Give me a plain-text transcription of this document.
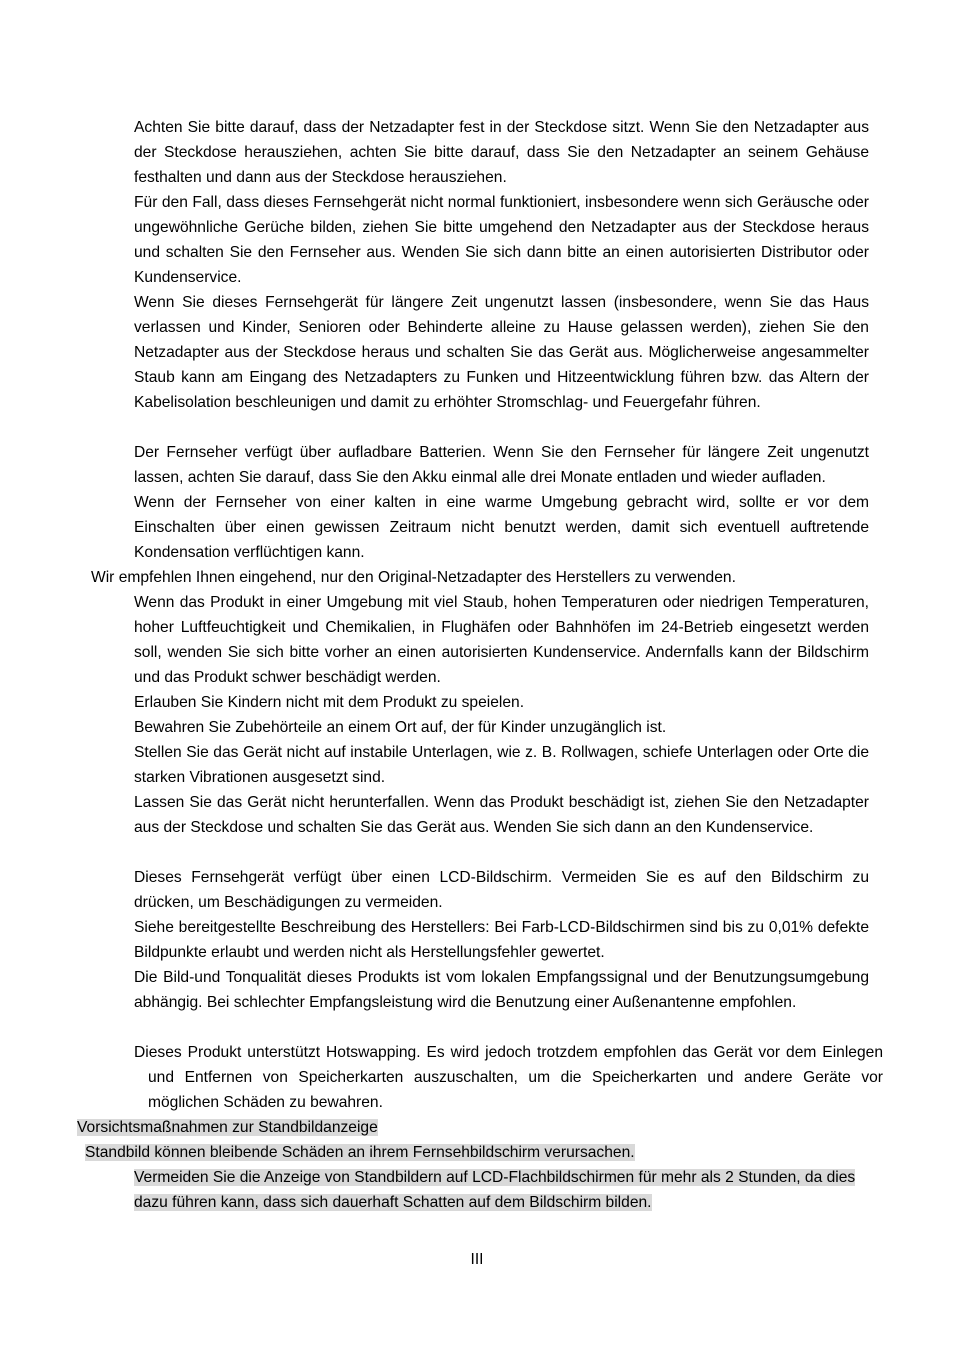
Achten Sie bitte darauf, dass der Netzadapter fest in der Steckdose sitzt. Wenn Sie den Netzadapter aus der Steckdose herausziehen, achten Sie bitte darauf, dass Sie den Netzadapter an seinem Gehäuse festhalten und dann aus der Steckdose herausziehen.

Für den Fall, dass dieses Fernsehgerät nicht normal funktioniert, insbesondere wenn sich Geräusche oder ungewöhnliche Gerüche bilden, ziehen Sie bitte umgehend den Netzadapter aus der Steckdose heraus und schalten Sie den Fernseher aus. Wenden Sie sich dann bitte an einen autorisierten Distributor oder Kundenservice.

Wenn Sie dieses Fernsehgerät für längere Zeit ungenutzt lassen (insbesondere, wenn Sie das Haus verlassen und Kinder, Senioren oder Behinderte alleine zu Hause gelassen werden), ziehen Sie den Netzadapter aus der Steckdose heraus und schalten Sie das Gerät aus. Möglicherweise angesammelter Staub kann am Eingang des Netzadapters zu Funken und Hitzeentwicklung führen bzw. das Altern der Kabelisolation beschleunigen und damit zu erhöhter Stromschlag- und Feuergefahr führen.

Der Fernseher verfügt über aufladbare Batterien. Wenn Sie den Fernseher für längere Zeit ungenutzt lassen, achten Sie darauf, dass Sie den Akku einmal alle drei Monate entladen und wieder aufladen.

Wenn der Fernseher von einer kalten in eine warme Umgebung gebracht wird, sollte er vor dem Einschalten über einen gewissen Zeitraum nicht benutzt werden, damit sich eventuell auftretende Kondensation verflüchtigen kann.

Wir empfehlen Ihnen eingehend, nur den Original-Netzadapter des Herstellers zu verwenden.

Wenn das Produkt in einer Umgebung mit viel Staub, hohen Temperaturen oder niedrigen Temperaturen, hoher Luftfeuchtigkeit und Chemikalien, in Flughäfen oder Bahnhöfen im 24-Betrieb eingesetzt werden soll, wenden Sie sich bitte vorher an einen autorisierten Kundenservice. Andernfalls kann der Bildschirm und das Produkt schwer beschädigt werden.

Erlauben Sie Kindern nicht mit dem Produkt zu speielen.

Bewahren Sie Zubehörteile an einem Ort auf, der für Kinder unzugänglich ist.

Stellen Sie das Gerät nicht auf instabile Unterlagen, wie z. B. Rollwagen, schiefe Unterlagen oder Orte die starken Vibrationen ausgesetzt sind.

Lassen Sie das Gerät nicht herunterfallen. Wenn das Produkt beschädigt ist, ziehen Sie den Netzadapter aus der Steckdose und schalten Sie das Gerät aus. Wenden Sie sich dann an den Kundenservice.

Dieses Fernsehgerät verfügt über einen LCD-Bildschirm. Vermeiden Sie es auf den Bildschirm zu drücken, um Beschädigungen zu vermeiden.

Siehe bereitgestellte Beschreibung des Herstellers: Bei Farb-LCD-Bildschirmen sind bis zu 0,01% defekte Bildpunkte erlaubt und werden nicht als Herstellungsfehler gewertet.

Die Bild-und Tonqualität dieses Produkts ist vom lokalen Empfangssignal und der Benutzungsumgebung abhängig. Bei schlechter Empfangsleistung wird die Benutzung einer Außenantenne empfohlen.

Dieses Produkt unterstützt Hotswapping. Es wird jedoch trotzdem empfohlen das Gerät vor dem Einlegen und Entfernen von Speicherkarten auszuschalten, um die Speicherkarten und andere Geräte vor möglichen Schäden zu bewahren.

Vorsichtsmaßnahmen zur Standbildanzeige

Standbild können bleibende Schäden an ihrem Fernsehbildschirm verursachen.

Vermeiden Sie die Anzeige von Standbildern auf LCD-Flachbildschirmen für mehr als 2 Stunden, da dies dazu führen kann, dass sich dauerhaft Schatten auf dem Bildschirm bilden.

III
